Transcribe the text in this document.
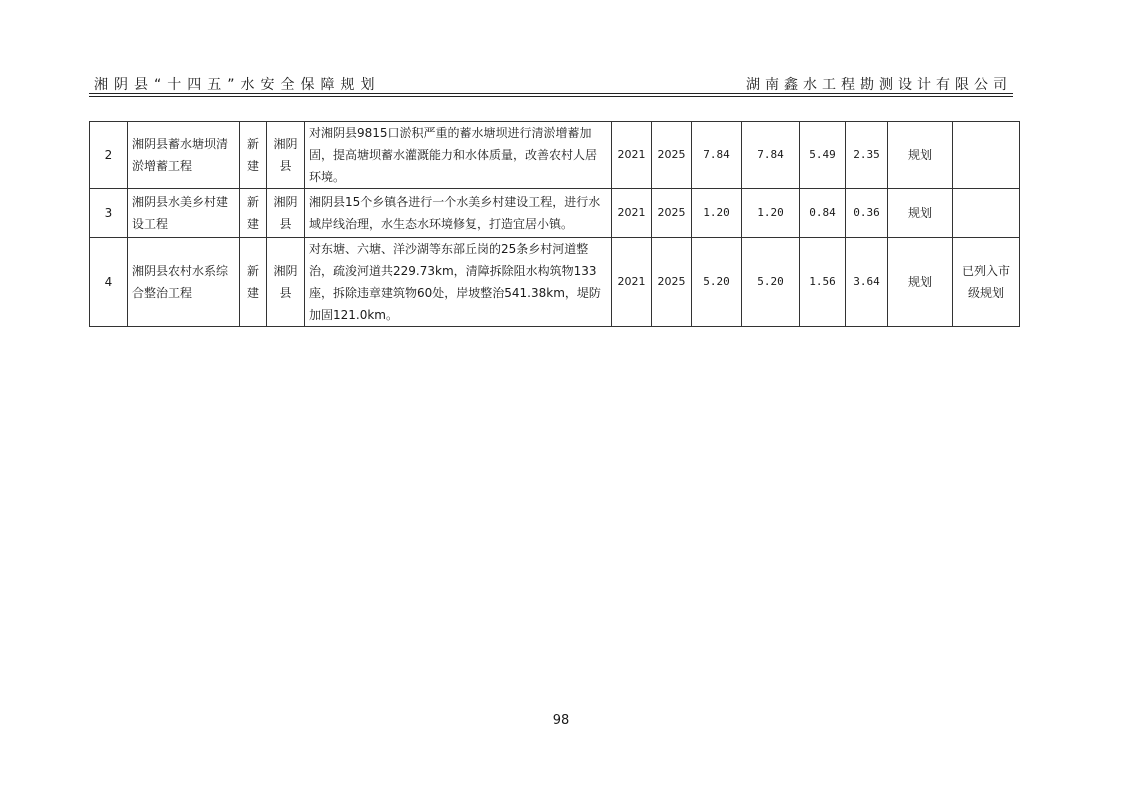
湘阴县“十四五”水安全保障规划	湖南鑫水工程勘测设计有限公司
2	湘阴县蓄水塘坝清淤增蓄工程	新建	湘阴县	对湘阴县9815口淤积严重的蓄水塘坝进行清淤增蓄加固，提高塘坝蓄水灌溉能力和水体质量，改善农村人居环境。	2021	2025	7.84	7.84	5.49	2.35	规划	
3	湘阴县水美乡村建设工程	新建	湘阴县	湘阴县15个乡镇各进行一个水美乡村建设工程，进行水域岸线治理，水生态水环境修复，打造宜居小镇。	2021	2025	1.20	1.20	0.84	0.36	规划	
4	湘阴县农村水系综合整治工程	新建	湘阴县	对东塘、六塘、洋沙湖等东部丘岗的25条乡村河道整治，疏浚河道共229.73km，清障拆除阻水构筑物133座，拆除违章建筑物60处，岸坡整治541.38km，堤防加固121.0km。	2021	2025	5.20	5.20	1.56	3.64	规划	已列入市级规划
98
